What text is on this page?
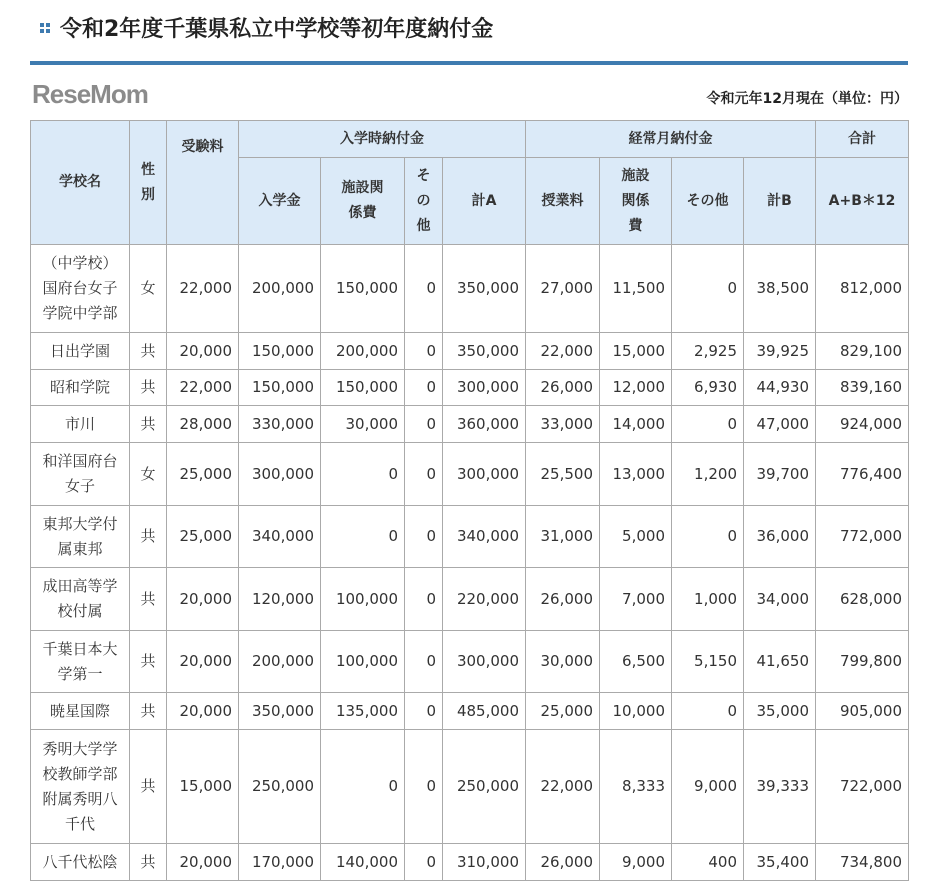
令和2年度千葉県私立中学校等初年度納付金
ReseMom	令和元年12月現在（単位：円）
学校名	性別	受験料	入学時納付金				経常月納付金				合計
			入学金	施設関係費	その他	計A	授業料	施設関係費	その他	計B	A+B＊12
（中学校）国府台女子学院中学部	女	22,000	200,000	150,000	0	350,000	27,000	11,500	0	38,500	812,000
日出学園	共	20,000	150,000	200,000	0	350,000	22,000	15,000	2,925	39,925	829,100
昭和学院	共	22,000	150,000	150,000	0	300,000	26,000	12,000	6,930	44,930	839,160
市川	共	28,000	330,000	30,000	0	360,000	33,000	14,000	0	47,000	924,000
和洋国府台女子	女	25,000	300,000	0	0	300,000	25,500	13,000	1,200	39,700	776,400
東邦大学付属東邦	共	25,000	340,000	0	0	340,000	31,000	5,000	0	36,000	772,000
成田高等学校付属	共	20,000	120,000	100,000	0	220,000	26,000	7,000	1,000	34,000	628,000
千葉日本大学第一	共	20,000	200,000	100,000	0	300,000	30,000	6,500	5,150	41,650	799,800
暁星国際	共	20,000	350,000	135,000	0	485,000	25,000	10,000	0	35,000	905,000
秀明大学学校教師学部附属秀明八千代	共	15,000	250,000	0	0	250,000	22,000	8,333	9,000	39,333	722,000
八千代松陰	共	20,000	170,000	140,000	0	310,000	26,000	9,000	400	35,400	734,800
